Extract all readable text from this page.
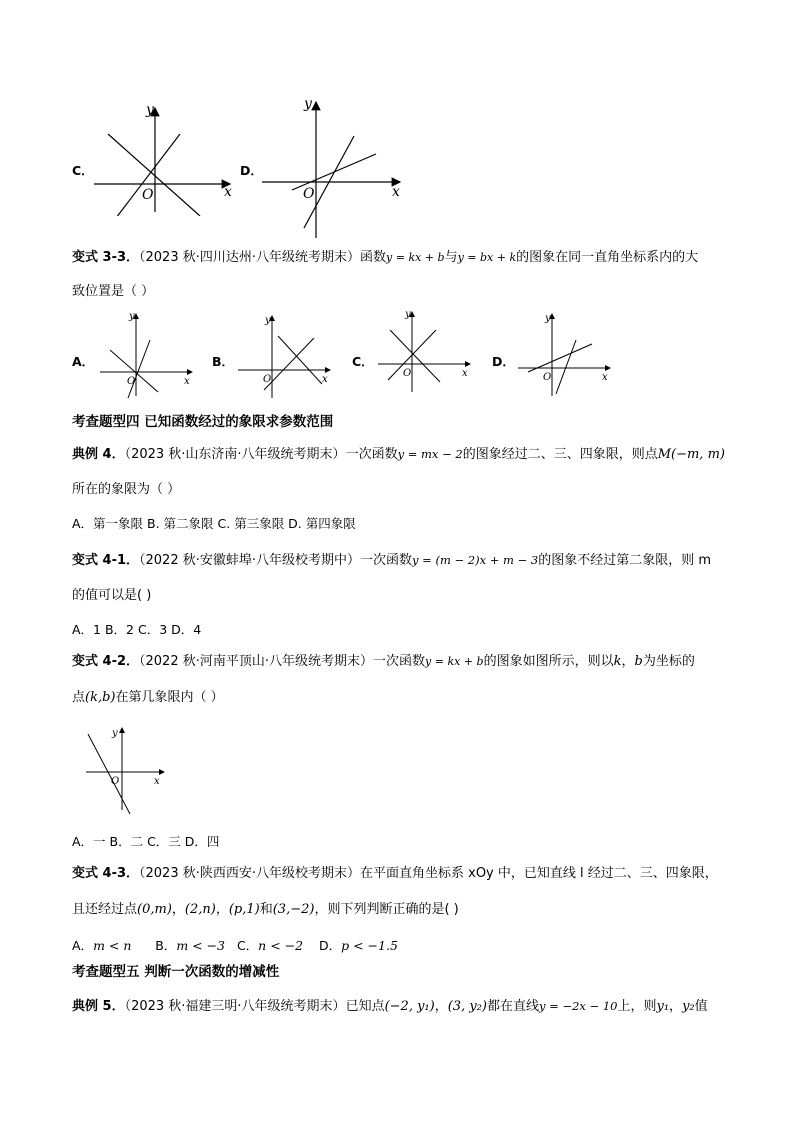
C．
x
y
O
D．
x
y
O
变式 3-3．（2023 秋·四川达州·八年级统考期末）函数y = kx + b与y = bx + k的图象在同一直角坐标系内的大
致位置是（ ）
A．
x
y
O
B．
x
y
O
C．
x
y
O
D．
x
y
O
考查题型四 已知函数经过的象限求参数范围
典例 4．（2023 秋·山东济南·八年级统考期末）一次函数y = mx − 2的图象经过二、三、四象限，则点M(−m, m)
所在的象限为（ ）
A．第一象限 B. 第二象限 C. 第三象限 D. 第四象限
变式 4-1．（2022 秋·安徽蚌埠·八年级校考期中）一次函数y = (m − 2)x + m − 3的图象不经过第二象限，则 m
的值可以是( )
A．1 B．2 C．3 D．4
变式 4-2．（2022 秋·河南平顶山·八年级统考期末）一次函数y = kx + b的图象如图所示，则以k，b为坐标的
点(k,b)在第几象限内（ ）
x
y
O
A．一 B．二 C．三 D．四
变式 4-3．（2023 秋·陕西西安·八年级校考期末）在平面直角坐标系 xOy 中，已知直线 l 经过二、三、四象限，
且还经过点(0,m)，(2,n)，(p,1)和(3,−2)，则下列判断正确的是( )
A．m < n B．m < −3 C．n < −2 D．p < −1.5
考查题型五 判断一次函数的增减性
典例 5．（2023 秋·福建三明·八年级统考期末）已知点(−2, y₁)，(3, y₂)都在直线y = −2x − 10上，则y₁，y₂值
